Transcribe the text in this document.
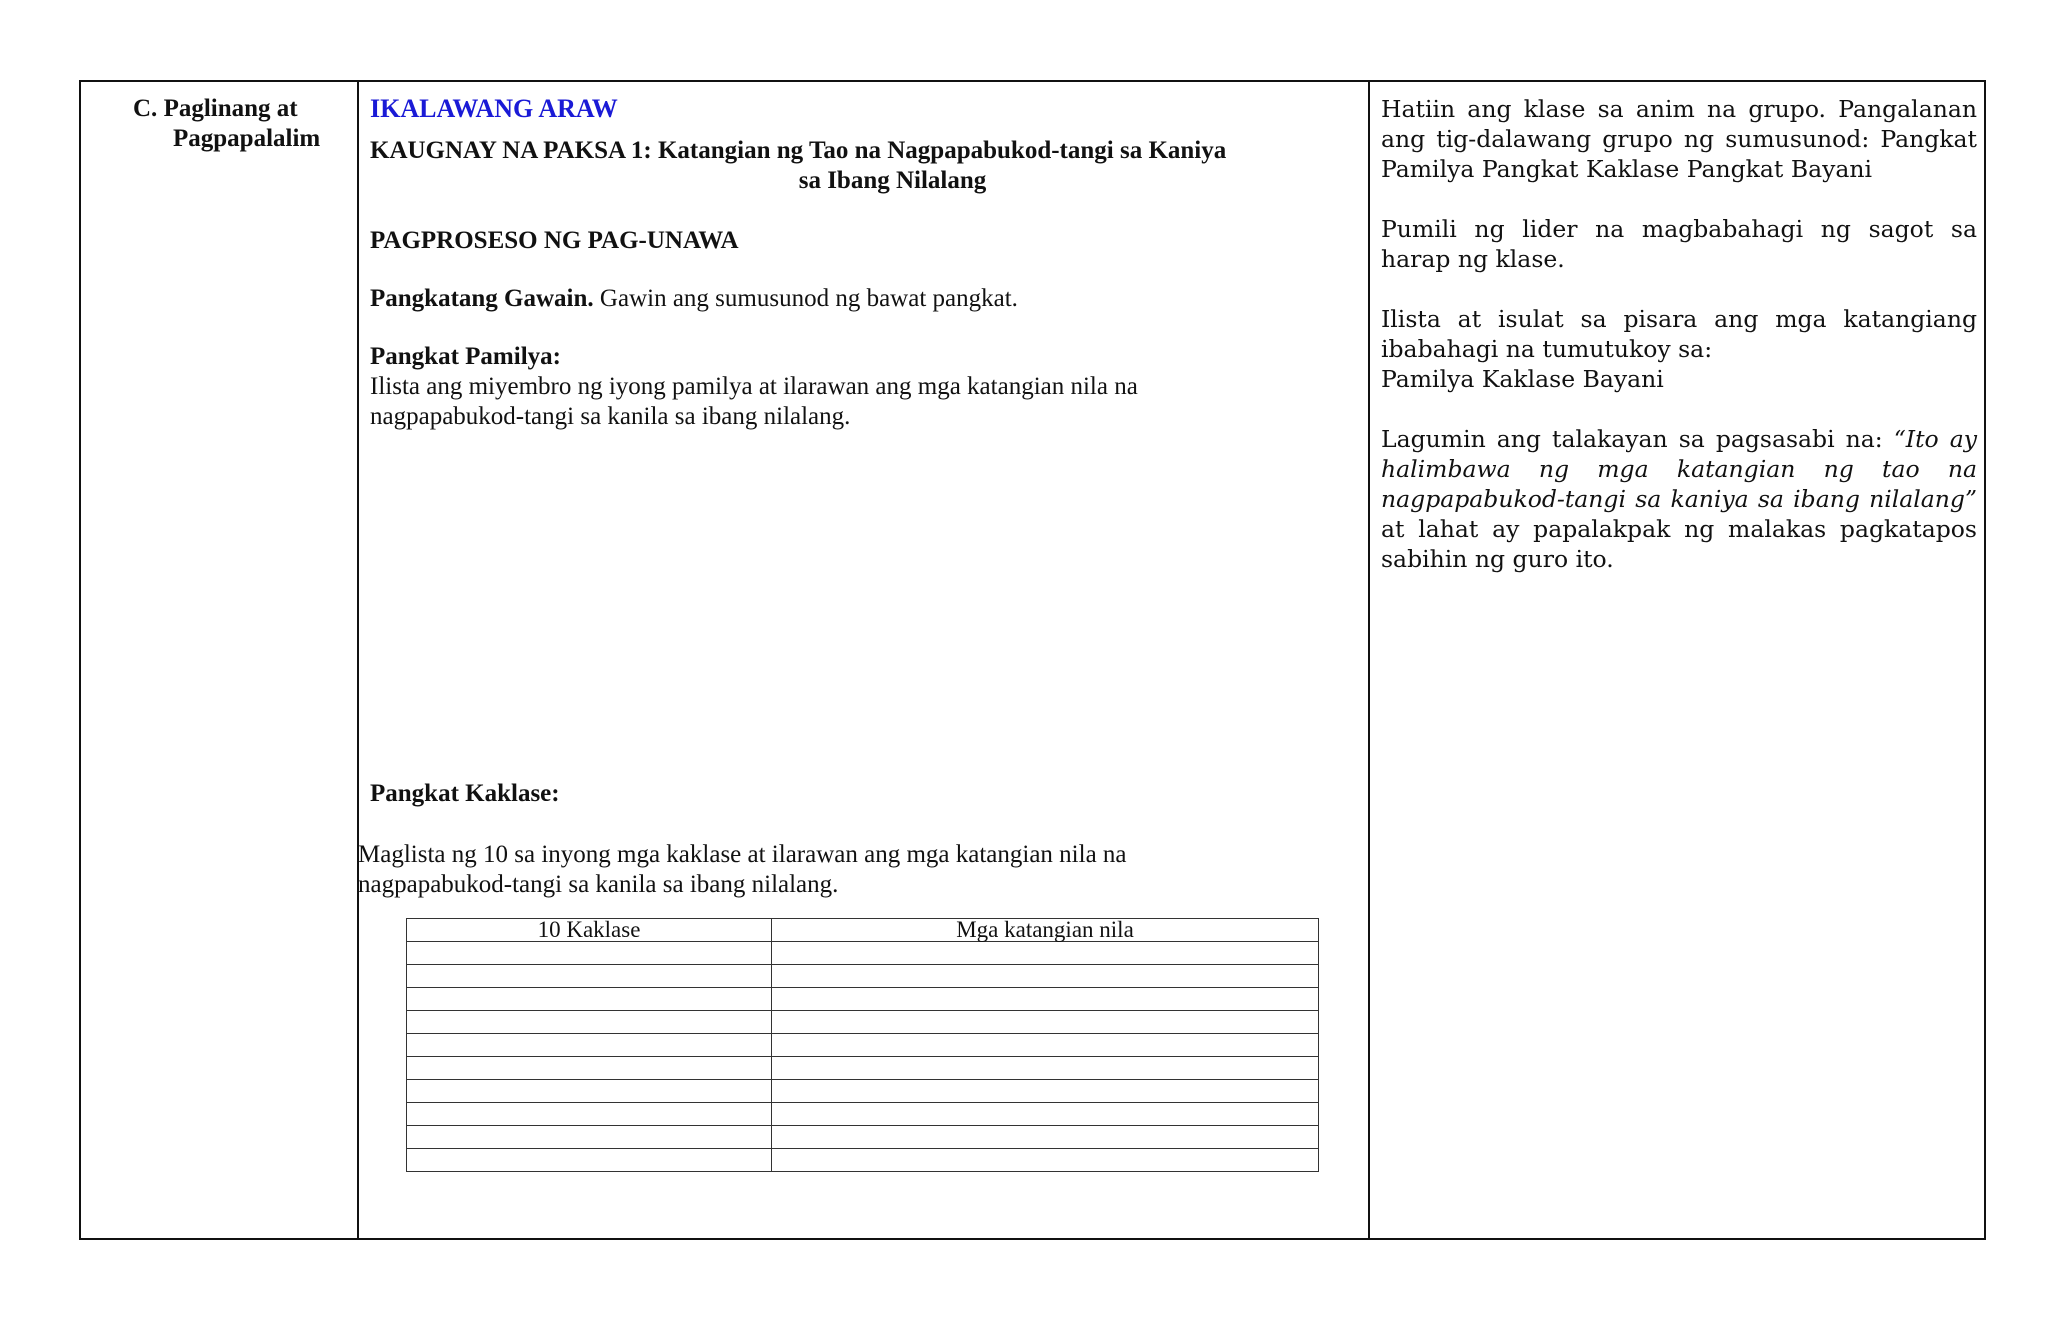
C. Paglinang at
Pagpapalalim
IKALAWANG ARAW
KAUGNAY NA PAKSA 1: Katangian ng Tao na Nagpapabukod-tangi sa Kaniya
sa Ibang Nilalang
PAGPROSESO NG PAG-UNAWA
Pangkatang Gawain. Gawin ang sumusunod ng bawat pangkat.
Pangkat Pamilya:
Ilista ang miyembro ng iyong pamilya at ilarawan ang mga katangian nila na
nagpapabukod-tangi sa kanila sa ibang nilalang.
Pangkat Kaklase:
Maglista ng 10 sa inyong mga kaklase at ilarawan ang mga katangian nila na
nagpapabukod-tangi sa kanila sa ibang nilalang.
10 Kaklase	Mga katangian nila

Hatiin ang klase sa anim na grupo. Pangalanan ang tig-dalawang grupo ng sumusunod: Pangkat Pamilya Pangkat Kaklase Pangkat Bayani

Pumili ng lider na magbabahagi ng sagot sa harap ng klase.

Ilista at isulat sa pisara ang mga katangiang ibabahagi na tumutukoy sa:
Pamilya Kaklase Bayani

Lagumin ang talakayan sa pagsasabi na: “Ito ay halimbawa ng mga katangian ng tao na nagpapabukod-tangi sa kaniya sa ibang nilalang” at lahat ay papalakpak ng malakas pagkatapos sabihin ng guro ito.
